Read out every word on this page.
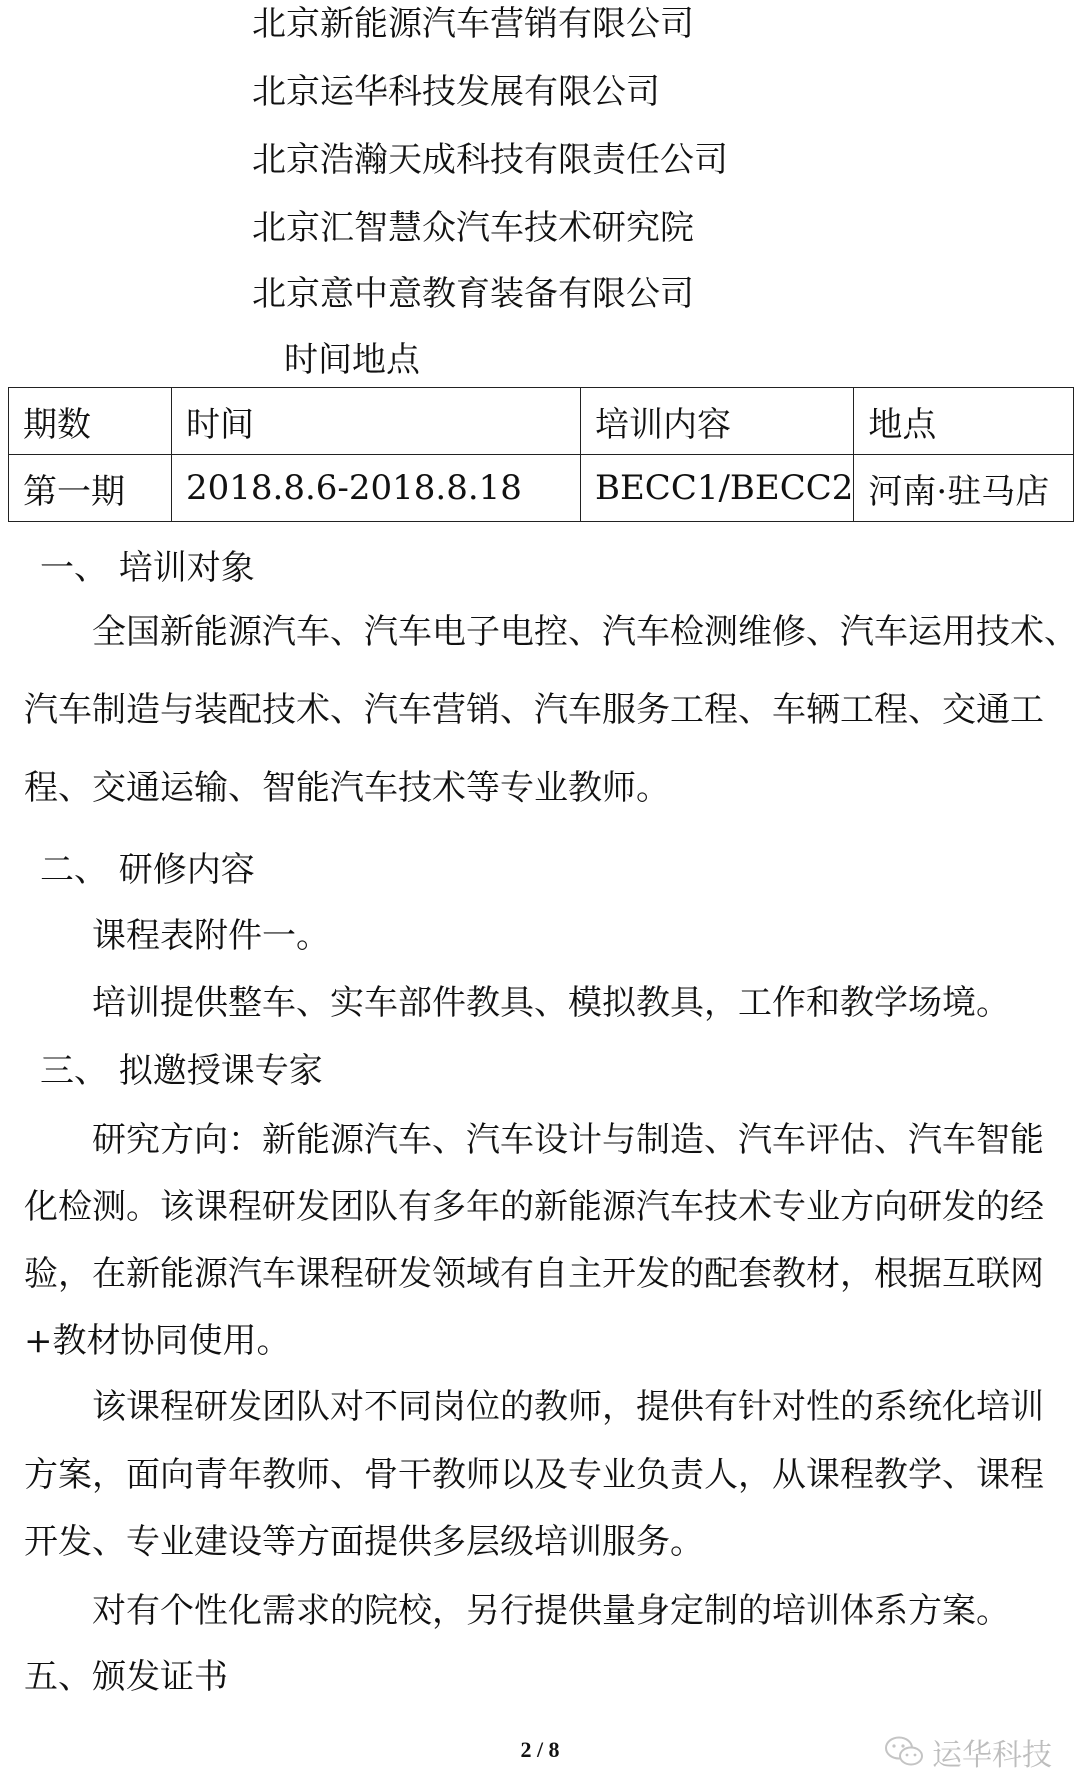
北京新能源汽车营销有限公司
北京运华科技发展有限公司
北京浩瀚天成科技有限责任公司
北京汇智慧众汽车技术研究院
北京意中意教育装备有限公司
时间地点
期数	时间	培训内容	地点
第一期	2018.8.6-2018.8.18	BECC1/BECC2	河南·驻马店
一、 培训对象
全国新能源汽车、汽车电子电控、汽车检测维修、汽车运用技术、
汽车制造与装配技术、汽车营销、汽车服务工程、车辆工程、交通工
程、交通运输、智能汽车技术等专业教师。
二、 研修内容
课程表附件一。
培训提供整车、实车部件教具、模拟教具，工作和教学场境。
三、 拟邀授课专家
研究方向：新能源汽车、汽车设计与制造、汽车评估、汽车智能
化检测。该课程研发团队有多年的新能源汽车技术专业方向研发的经
验，在新能源汽车课程研发领域有自主开发的配套教材，根据互联网
+教材协同使用。
该课程研发团队对不同岗位的教师，提供有针对性的系统化培训
方案，面向青年教师、骨干教师以及专业负责人，从课程教学、课程
开发、专业建设等方面提供多层级培训服务。
对有个性化需求的院校，另行提供量身定制的培训体系方案。
五、颁发证书
2 / 8	运华科技
